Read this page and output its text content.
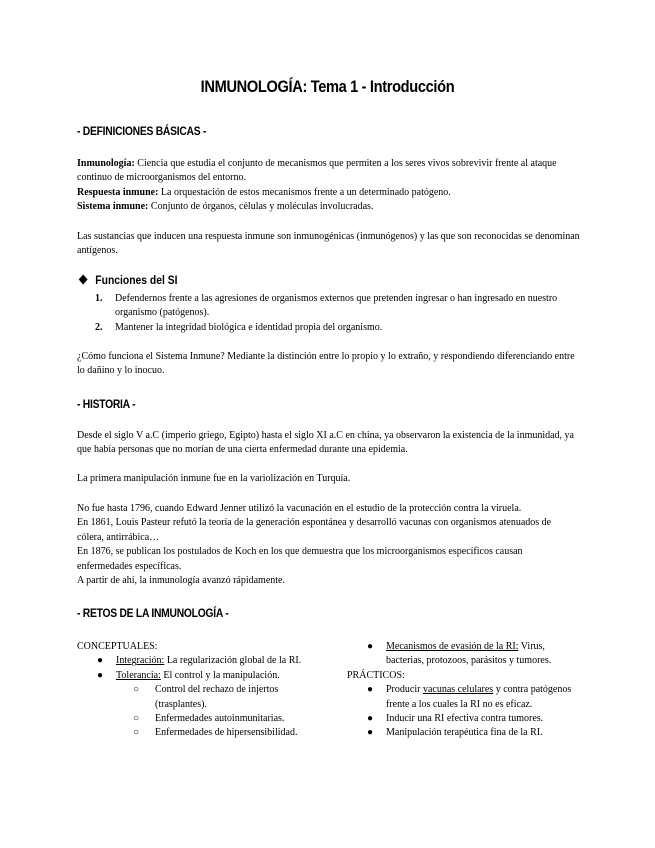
INMUNOLOGÍA: Tema 1 - Introducción
- DEFINICIONES BÁSICAS -

Inmunología: Ciencia que estudia el conjunto de mecanismos que permiten a los seres vivos sobrevivir frente al ataque continuo de microorganismos del entorno.

Respuesta inmune: La orquestación de estos mecanismos frente a un determinado patógeno.

Sistema inmune: Conjunto de órganos, células y moléculas involucradas.

Las sustancias que inducen una respuesta inmune son inmunogénicas (inmunógenos) y las que son reconocidas se denominan antígenos.
Funciones del SI
1. Defendernos frente a las agresiones de organismos externos que pretenden ingresar o han ingresado en nuestro organismo (patógenos).
2. Mantener la integridad biológica e identidad propia del organismo.
¿Cómo funciona el Sistema Inmune? Mediante la distinción entre lo propio y lo extraño, y respondiendo diferenciando entre lo dañino y lo inocuo.
- HISTORIA -
Desde el siglo V a.C (imperio griego, Egipto) hasta el siglo XI a.C en china, ya observaron la existencia de la inmunidad, ya que había personas que no morían de una cierta enfermedad durante una epidemia.
La primera manipulación inmune fue en la variolización en Turquía.

No fue hasta 1796, cuando Edward Jenner utilizó la vacunación en el estudio de la protección contra la viruela.

En 1861, Louis Pasteur refutó la teoría de la generación espontánea y desarrolló vacunas con organismos atenuados de cólera, antirrábica…

En 1876, se publican los postulados de Koch en los que demuestra que los microorganismos específicos causan enfermedades específicas.

A partir de ahí, la inmunología avanzó rápidamente.

- RETOS DE LA INMUNOLOGÍA -
CONCEPTUALES:
● Integración: La regularización global de la RI.
● Tolerancia: El control y la manipulación.
○ Control del rechazo de injertos (trasplantes).
○ Enfermedades autoinmunitarias.
○ Enfermedades de hipersensibilidad.
● Mecanismos de evasión de la RI: Virus, bacterias, protozoos, parásitos y tumores.
PRÁCTICOS:
● Producir vacunas celulares y contra patógenos frente a los cuales la RI no es eficaz.
● Inducir una RI efectiva contra tumores.
● Manipulación terapéutica fina de la RI.
